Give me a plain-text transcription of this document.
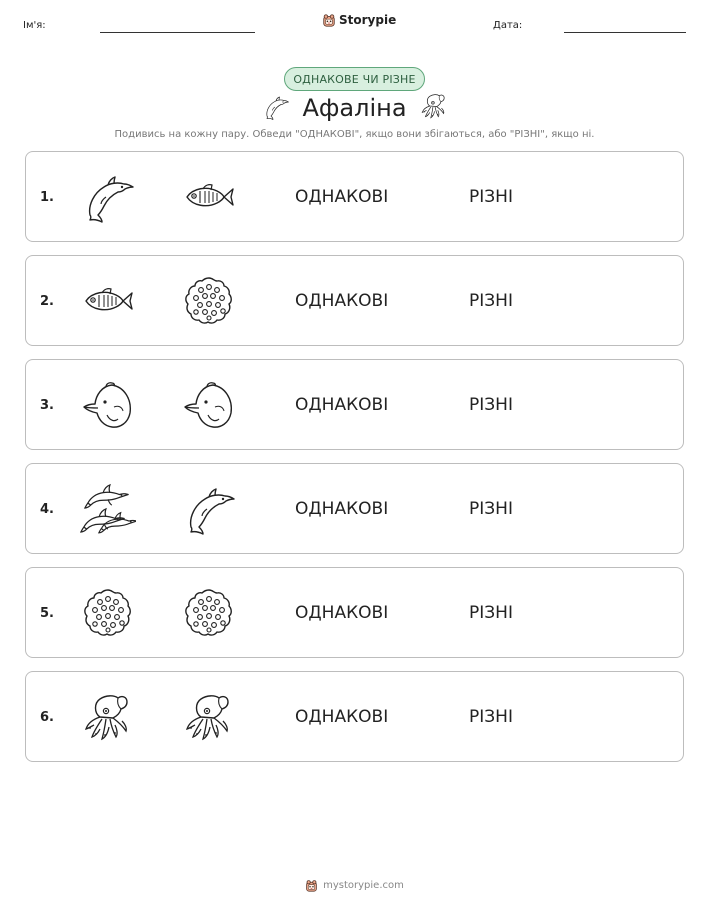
Ім'я:	Storypie	Дата:
ОДНАКОВЕ ЧИ РІЗНЕ
Афаліна
Подивись на кожну пару. Обведи "ОДНАКОВІ", якщо вони збігаються, або "РІЗНІ", якщо ні.
1.	ОДНАКОВІ	РІЗНІ
2.	ОДНАКОВІ	РІЗНІ
3.	ОДНАКОВІ	РІЗНІ
4.	ОДНАКОВІ	РІЗНІ
5.	ОДНАКОВІ	РІЗНІ
6.	ОДНАКОВІ	РІЗНІ
mystorypie.com
